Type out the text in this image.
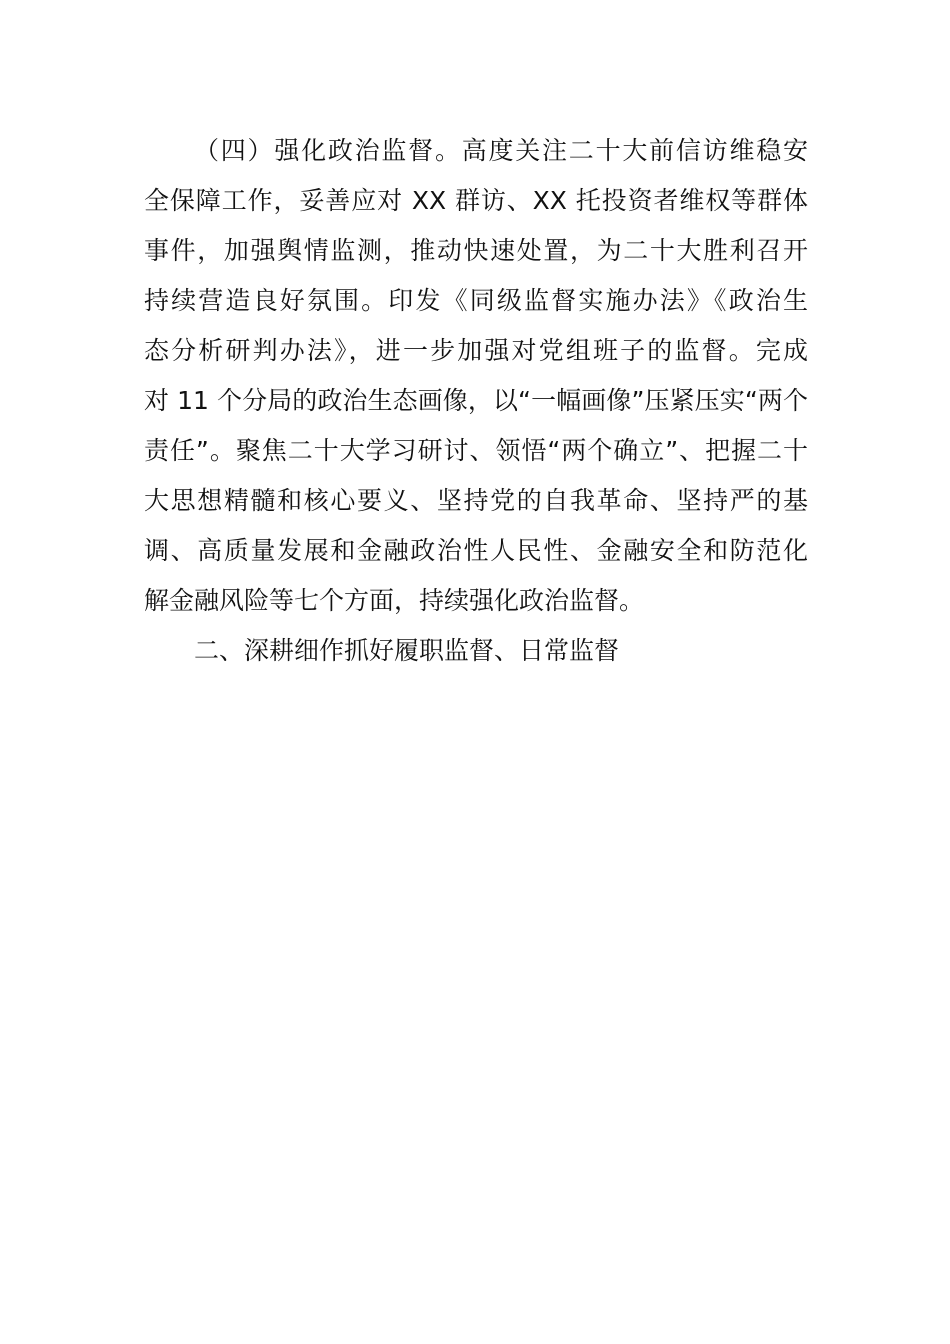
（四）强化政治监督。高度关注二十大前信访维稳安
全保障工作，妥善应对 XX 群访、XX 托投资者维权等群体
事件，加强舆情监测，推动快速处置，为二十大胜利召开
持续营造良好氛围。印发《同级监督实施办法》《政治生
态分析研判办法》，进一步加强对党组班子的监督。完成
对 11 个分局的政治生态画像，以“一幅画像”压紧压实“两个
责任”。聚焦二十大学习研讨、领悟“两个确立”、把握二十
大思想精髓和核心要义、坚持党的自我革命、坚持严的基
调、高质量发展和金融政治性人民性、金融安全和防范化
解金融风险等七个方面，持续强化政治监督。
二、深耕细作抓好履职监督、日常监督
